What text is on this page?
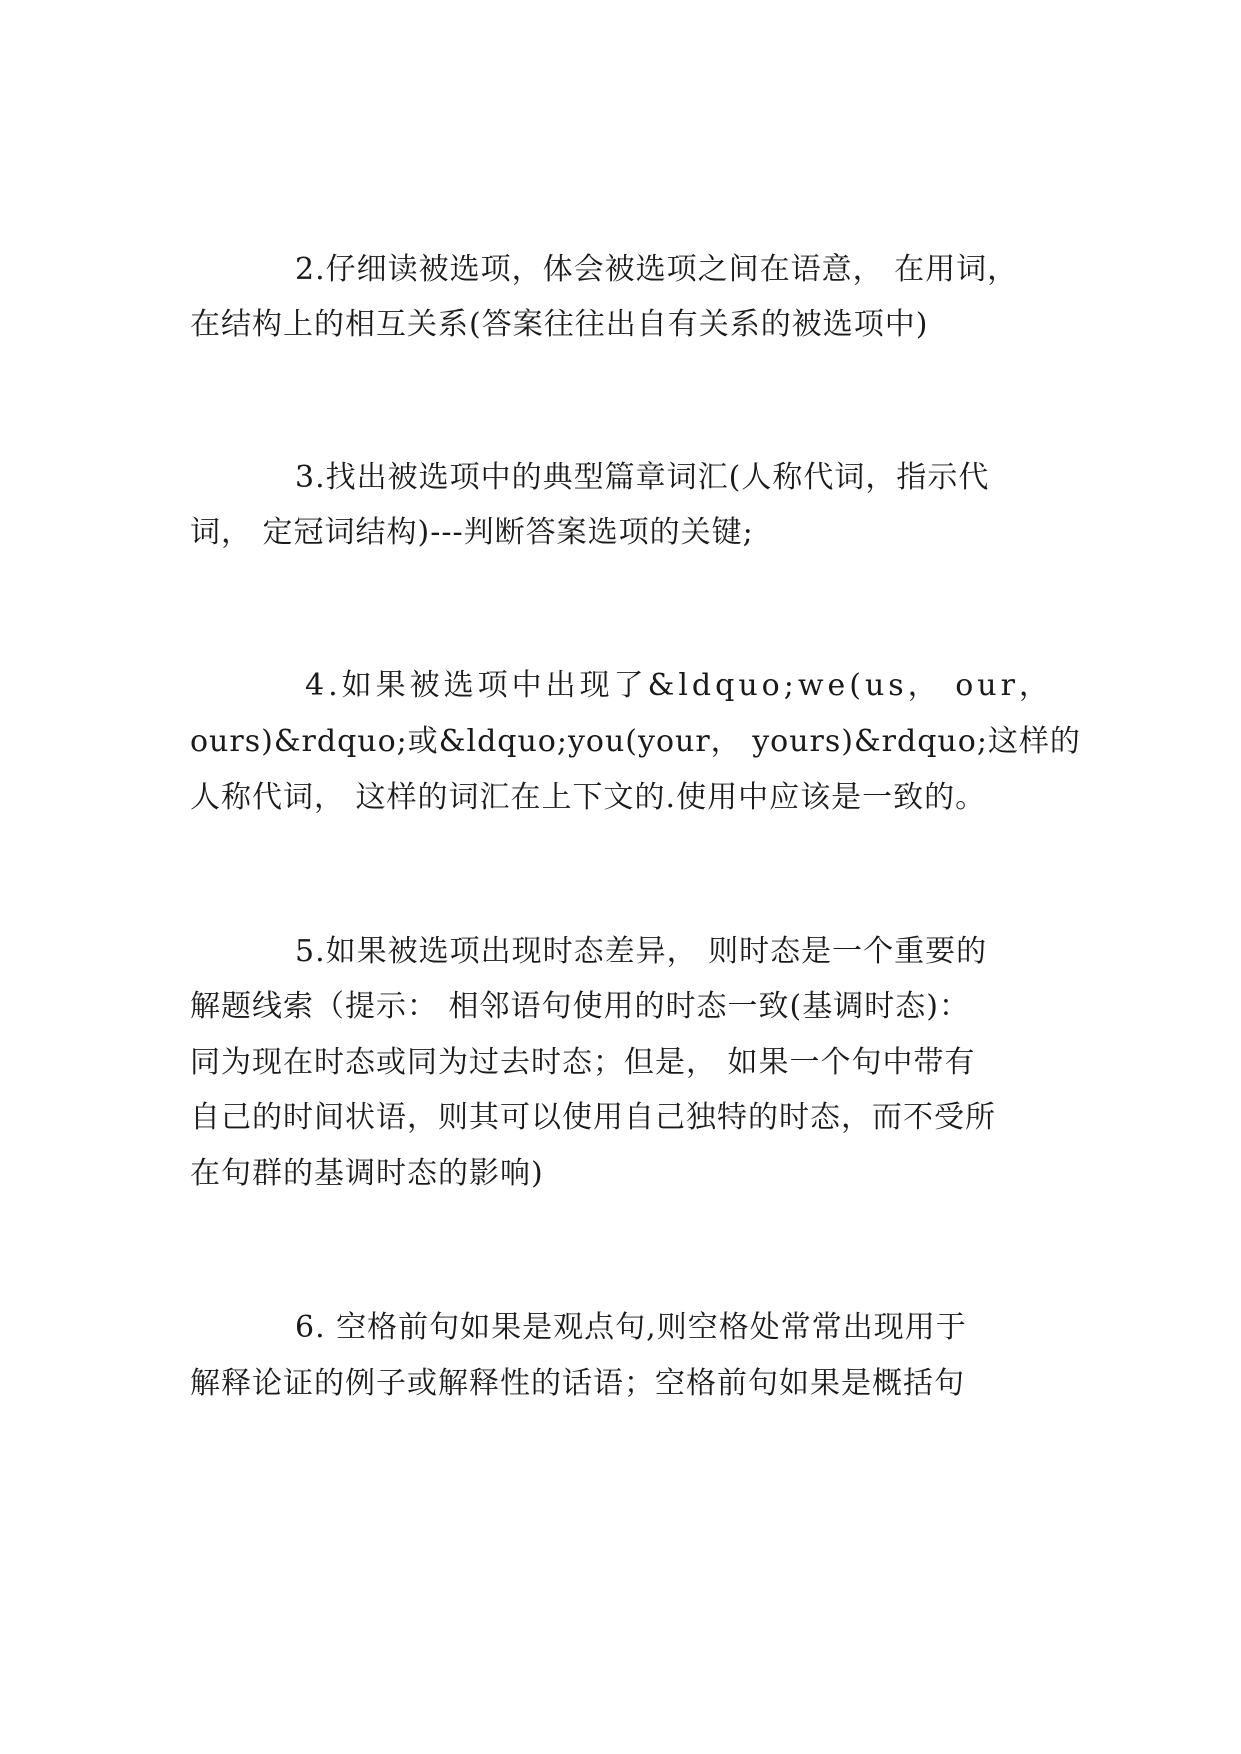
2.仔细读被选项，体会被选项之间在语意， 在用词，
在结构上的相互关系(答案往往出自有关系的被选项中)
3.找出被选项中的典型篇章词汇(人称代词，指示代
词， 定冠词结构)---判断答案选项的关键;
4.如果被选项中出现了&ldquo;we(us， our，
ours)&rdquo;或&ldquo;you(your， yours)&rdquo;这样的
人称代词， 这样的词汇在上下文的.使用中应该是一致的。
5.如果被选项出现时态差异， 则时态是一个重要的
解题线索（提示： 相邻语句使用的时态一致(基调时态)：
同为现在时态或同为过去时态；但是， 如果一个句中带有
自己的时间状语，则其可以使用自己独特的时态，而不受所
在句群的基调时态的影响)
6. 空格前句如果是观点句,则空格处常常出现用于
解释论证的例子或解释性的话语；空格前句如果是概括句
